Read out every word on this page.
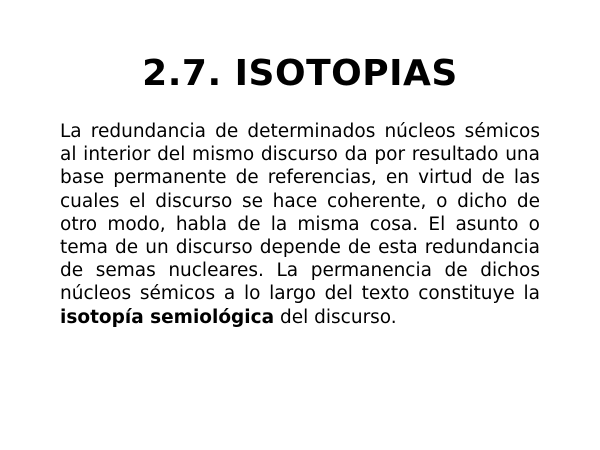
2.7. ISOTOPIAS

La redundancia de determinados núcleos sémicos al interior del mismo discurso da por resultado una base permanente de referencias, en virtud de las cuales el discurso se hace coherente, o dicho de otro modo, habla de la misma cosa. El asunto o tema de un discurso depende de esta redundancia de semas nucleares. La permanencia de dichos núcleos sémicos a lo largo del texto constituye la isotopía semiológica del discurso.
